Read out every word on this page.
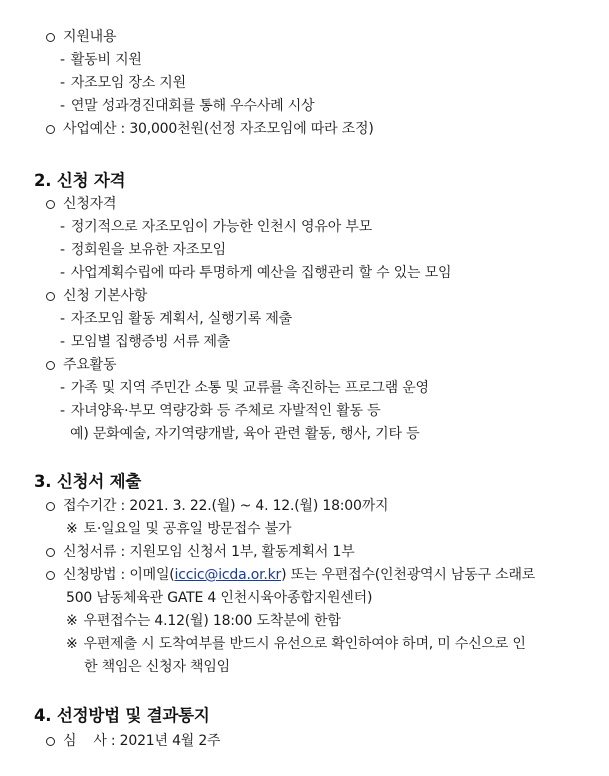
지원내용
- 활동비 지원
- 자조모임 장소 지원
- 연말 성과경진대회를 통해 우수사례 시상
사업예산 : 30,000천원(선정 자조모임에 따라 조정)
2. 신청 자격
신청자격
- 정기적으로 자조모임이 가능한 인천시 영유아 부모
- 정회원을 보유한 자조모임
- 사업계획수립에 따라 투명하게 예산을 집행관리 할 수 있는 모임
신청 기본사항
- 자조모임 활동 계획서, 실행기록 제출
- 모임별 집행증빙 서류 제출
주요활동
- 가족 및 지역 주민간 소통 및 교류를 촉진하는 프로그램 운영
- 자녀양육·부모 역량강화 등 주체로 자발적인 활동 등
예) 문화예술, 자기역량개발, 육아 관련 활동, 행사, 기타 등
3. 신청서 제출
접수기간 : 2021. 3. 22.(월) ~ 4. 12.(월) 18:00까지
※ 토·일요일 및 공휴일 방문접수 불가
신청서류 : 지원모임 신청서 1부, 활동계획서 1부
신청방법 : 이메일(iccic@icda.or.kr) 또는 우편접수(인천광역시 남동구 소래로
500 남동체육관 GATE 4 인천시육아종합지원센터)
※ 우편접수는 4.12(월) 18:00 도착분에 한함
※ 우편제출 시 도착여부를 반드시 유선으로 확인하여야 하며, 미 수신으로 인
한 책임은 신청자 책임임
4. 선정방법 및 결과통지
심    사 : 2021년 4월 2주
